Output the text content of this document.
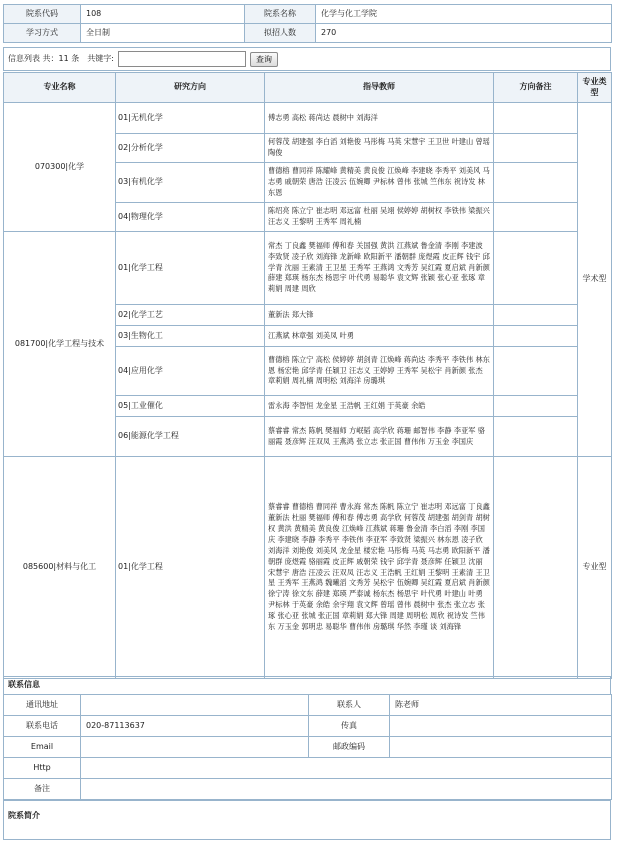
院系代码	108	院系名称	化学与化工学院
学习方式	全日制	拟招人数	270
信息列表 共：11 条　共键字:	查询
专业名称	研究方向	指导教师	方向备注	专业类型
070300|化学	01|无机化学	傅志勇 高松 蒋尚达 晨树中 刘海洋		学术型
	02|分析化学	何蓉茂 胡建强 李白滔 刘艳俊 马彤梅 马英 宋慧宇 王卫世 叶建山 曾瑶 陶俊		
	03|有机化学	曹德榕 曹同祥 陈耀峰 黄精美 黄良俊 江焕峰 李建晓 李秀平 刘美风 马志勇 戚朝荣 唐浩 汪凌云 伍婉卿 尹标林 曾伟 张城 竺伟东 祝诗发 林东恩		
	04|物理化学	陈绍亮 陈立宁 崔志明 邓远富 杜丽 吴翊 侯婷婷 胡树权 李铁伟 梁振兴 汪志义 王黎明 王秀军 周礼楠		
081700|化学工程与技术	01|化学工程	常杰 丁良鑫 樊福师 傅和春 关国强 黄洪 江燕斌 鲁金清 李刚 李建波 李致贤 凌子欣 刘海锋 龙新峰 欧阳新平 潘朝群 庞煜霞 皮正辉 钱宇 邱学青 沈丽 王素清 王卫星 王秀军 王燕鸿 文秀芳 吴红霞 夏启斌 肖新颜 薛建 郑瑛 杨东杰 杨思宇 叶代勇 易聪华 袁文辉 张颖 张心亚 张琢 章莉娟 周建 周欣		
	02|化学工艺	董新法 郑大锋		
	03|生物化工	江燕斌 林章强 刘美凤 叶勇		
	04|应用化学	曹德榕 陈立宁 高松 侯婷婷 胡剑青 江焕峰 蒋尚达 李秀平 李铁伟 林东恩 杨宏艳 邱学青 任颖卫 汪志义 王婷婷 王秀军 吴松宇 肖新颜 张杰 章莉娟 周礼楠 周明松 刘海洋 房璐琪		
	05|工业催化	雷永海 李智恒 龙金星 王浩帆 王红娟 于英豪 余皓		
	06|能源化学工程	蔡睿睿 常杰 陈帆 樊福师 方岷韬 高学欣 蒋珊 邮智伟 李静 李亚军 骆丽霞 聂彦辉 汪双凤 王燕鸿 张立志 张正国 曹伟伟 万玉金 李国庆		
085600|材料与化工	01|化学工程	蔡睿睿 曹德榕 曹同祥 曹永海 常杰 陈帆 陈立宁 崔志明 邓远富 丁良鑫 董新法 杜丽 樊福师 傅和春 傅志勇 高学欣 何蓉茂 胡建强 胡剑青 胡树权 黄洪 黄精美 黄良俊 江焕峰 江燕斌 蒋珊 鲁金清 李白滔 李刚 李国庆 李建晓 李静 李秀平 李铁伟 李亚军 李致贤 梁振兴 林东恩 凌子欣 刘海洋 刘艳俊 刘美风 龙金星 楼宏艳 马彤梅 马英 马志勇 欧阳新平 潘朝群 庞煜霞 骆丽霞 皮正辉 戚朝荣 钱宇 邱学青 聂彦辉 任颖卫 沈丽 宋慧宇 唐浩 汪凌云 汪双凤 汪志义 王浩帆 王红娟 王黎明 王素清 王卫星 王秀军 王燕鸿 魏曦滔 文秀芳 吴松宇 伍婉卿 吴红霞 夏启斌 肖新颜 徐宁涛 徐文东 薛建 郑瑛 严泰诚 杨东杰 杨思宇 叶代勇 叶建山 叶勇 尹标林 于英豪 余皓 余宇翔 袁文辉 曾瑶 曾伟 晨树中 张杰 张立志 张琢 张心亚 张城 张正国 章莉娟 郑大锋 周建 周明松 周欣 祝诗发 竺伟东 万玉金 郭明忠 易聪华 曹伟伟 房璐琪 华然 李瑾 谈 刘海锋		专业型
联系信息
通讯地址		联系人	陈老师
联系电话	020-87113637	传真	
Email		邮政编码	
Http			
备注			
院系简介
